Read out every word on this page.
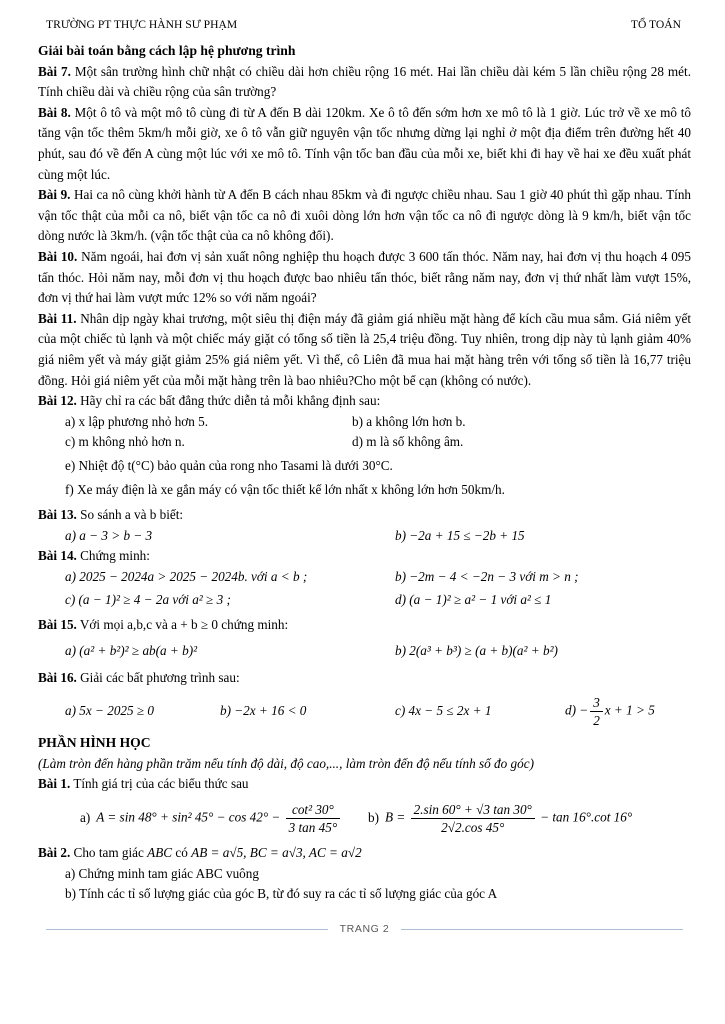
TRƯỜNG PT THỰC HÀNH SƯ PHẠM	TỔ TOÁN

Giải bài toán bằng cách lập hệ phương trình

Bài 7. Một sân trường hình chữ nhật có chiều dài hơn chiều rộng 16 mét. Hai lần chiều dài kém 5 lần chiều rộng 28 mét. Tính chiều dài và chiều rộng của sân trường?

Bài 8. Một ô tô và một mô tô cùng đi từ A đến B dài 120km. Xe ô tô đến sớm hơn xe mô tô là 1 giờ. Lúc trở về xe mô tô tăng vận tốc thêm 5km/h mỗi giờ, xe ô tô vẫn giữ nguyên vận tốc nhưng dừng lại nghỉ ở một địa điểm trên đường hết 40 phút, sau đó về đến A cùng một lúc với xe mô tô. Tính vận tốc ban đầu của mỗi xe, biết khi đi hay về hai xe đều xuất phát cùng một lúc.

Bài 9. Hai ca nô cùng khởi hành từ A đến B cách nhau 85km và đi ngược chiều nhau. Sau 1 giờ 40 phút thì gặp nhau. Tính vận tốc thật của mỗi ca nô, biết vận tốc ca nô đi xuôi dòng lớn hơn vận tốc ca nô đi ngược dòng là 9 km/h, biết vận tốc dòng nước là 3km/h. (vận tốc thật của ca nô không đổi).

Bài 10. Năm ngoái, hai đơn vị sản xuất nông nghiệp thu hoạch được 3 600 tấn thóc. Năm nay, hai đơn vị thu hoạch 4 095 tấn thóc. Hỏi năm nay, mỗi đơn vị thu hoạch được bao nhiêu tấn thóc, biết rằng năm nay, đơn vị thứ nhất làm vượt 15%, đơn vị thứ hai làm vượt mức 12% so với năm ngoái?

Bài 11. Nhân dịp ngày khai trương, một siêu thị điện máy đã giảm giá nhiều mặt hàng để kích cầu mua sắm. Giá niêm yết của một chiếc tủ lạnh và một chiếc máy giặt có tổng số tiền là 25,4 triệu đồng. Tuy nhiên, trong dịp này tủ lạnh giảm 40% giá niêm yết và máy giặt giảm 25% giá niêm yết. Vì thế, cô Liên đã mua hai mặt hàng trên với tổng số tiền là 16,77 triệu đồng. Hỏi giá niêm yết của mỗi mặt hàng trên là bao nhiêu?Cho một bể cạn (không có nước).

Bài 12. Hãy chỉ ra các bất đẳng thức diễn tả mỗi khẳng định sau:

a) x lập phương nhỏ hơn 5.	b) a không lớn hơn b.
c) m không nhỏ hơn n.	d) m là số không âm.
e) Nhiệt độ t(°C) bảo quản của rong nho Tasami là dưới 30°C.
f) Xe máy điện là xe gắn máy có vận tốc thiết kế lớn nhất x không lớn hơn 50km/h.

Bài 13. So sánh a và b biết:

a) a − 3 > b − 3	b) −2a + 15 ≤ −2b + 15

Bài 14. Chứng minh:

a) 2025 − 2024a > 2025 − 2024b. với a < b ;	b) −2m − 4 < −2n − 3 với m > n ;
c) (a − 1)² ≥ 4 − 2a với a² ≥ 3 ;	d) (a − 1)² ≥ a² − 1 với a² ≤ 1

Bài 15. Với mọi a,b,c và a + b ≥ 0 chứng minh:

a) (a² + b²)² ≥ ab(a + b)²	b) 2(a³ + b³) ≥ (a + b)(a² + b²)

Bài 16. Giải các bất phương trình sau:

a) 5x − 2025 ≥ 0	b) −2x + 16 < 0	c) 4x − 5 ≤ 2x + 1	$d) - \frac{3}{2}$ x + 1 > 5

PHẦN HÌNH HỌC

(Làm tròn đến hàng phần trăm nếu tính độ dài, độ cao,..., làm tròn đến độ nếu tính số đo góc)

Bài 1. Tính giá trị của các biểu thức sau

a) A = sin 48° + sin² $45^\circ - \cos 42^\circ - \frac{\text{cot² 30°}}{3 \tan 45^\circ} b$) $B = \frac{2.\sin 60^\circ + √3 \tan 30^\circ}{2√2.\cos 45^\circ} - \tan 16^\circ.\cot$ 16°

Bài 2. Cho tam giác ABC có AB = a√5, BC = a√3, AC = a√2

a) Chứng minh tam giác ABC vuông
b) Tính các tỉ số lượng giác của góc B, từ đó suy ra các tỉ số lượng giác của góc A
TRANG 2
